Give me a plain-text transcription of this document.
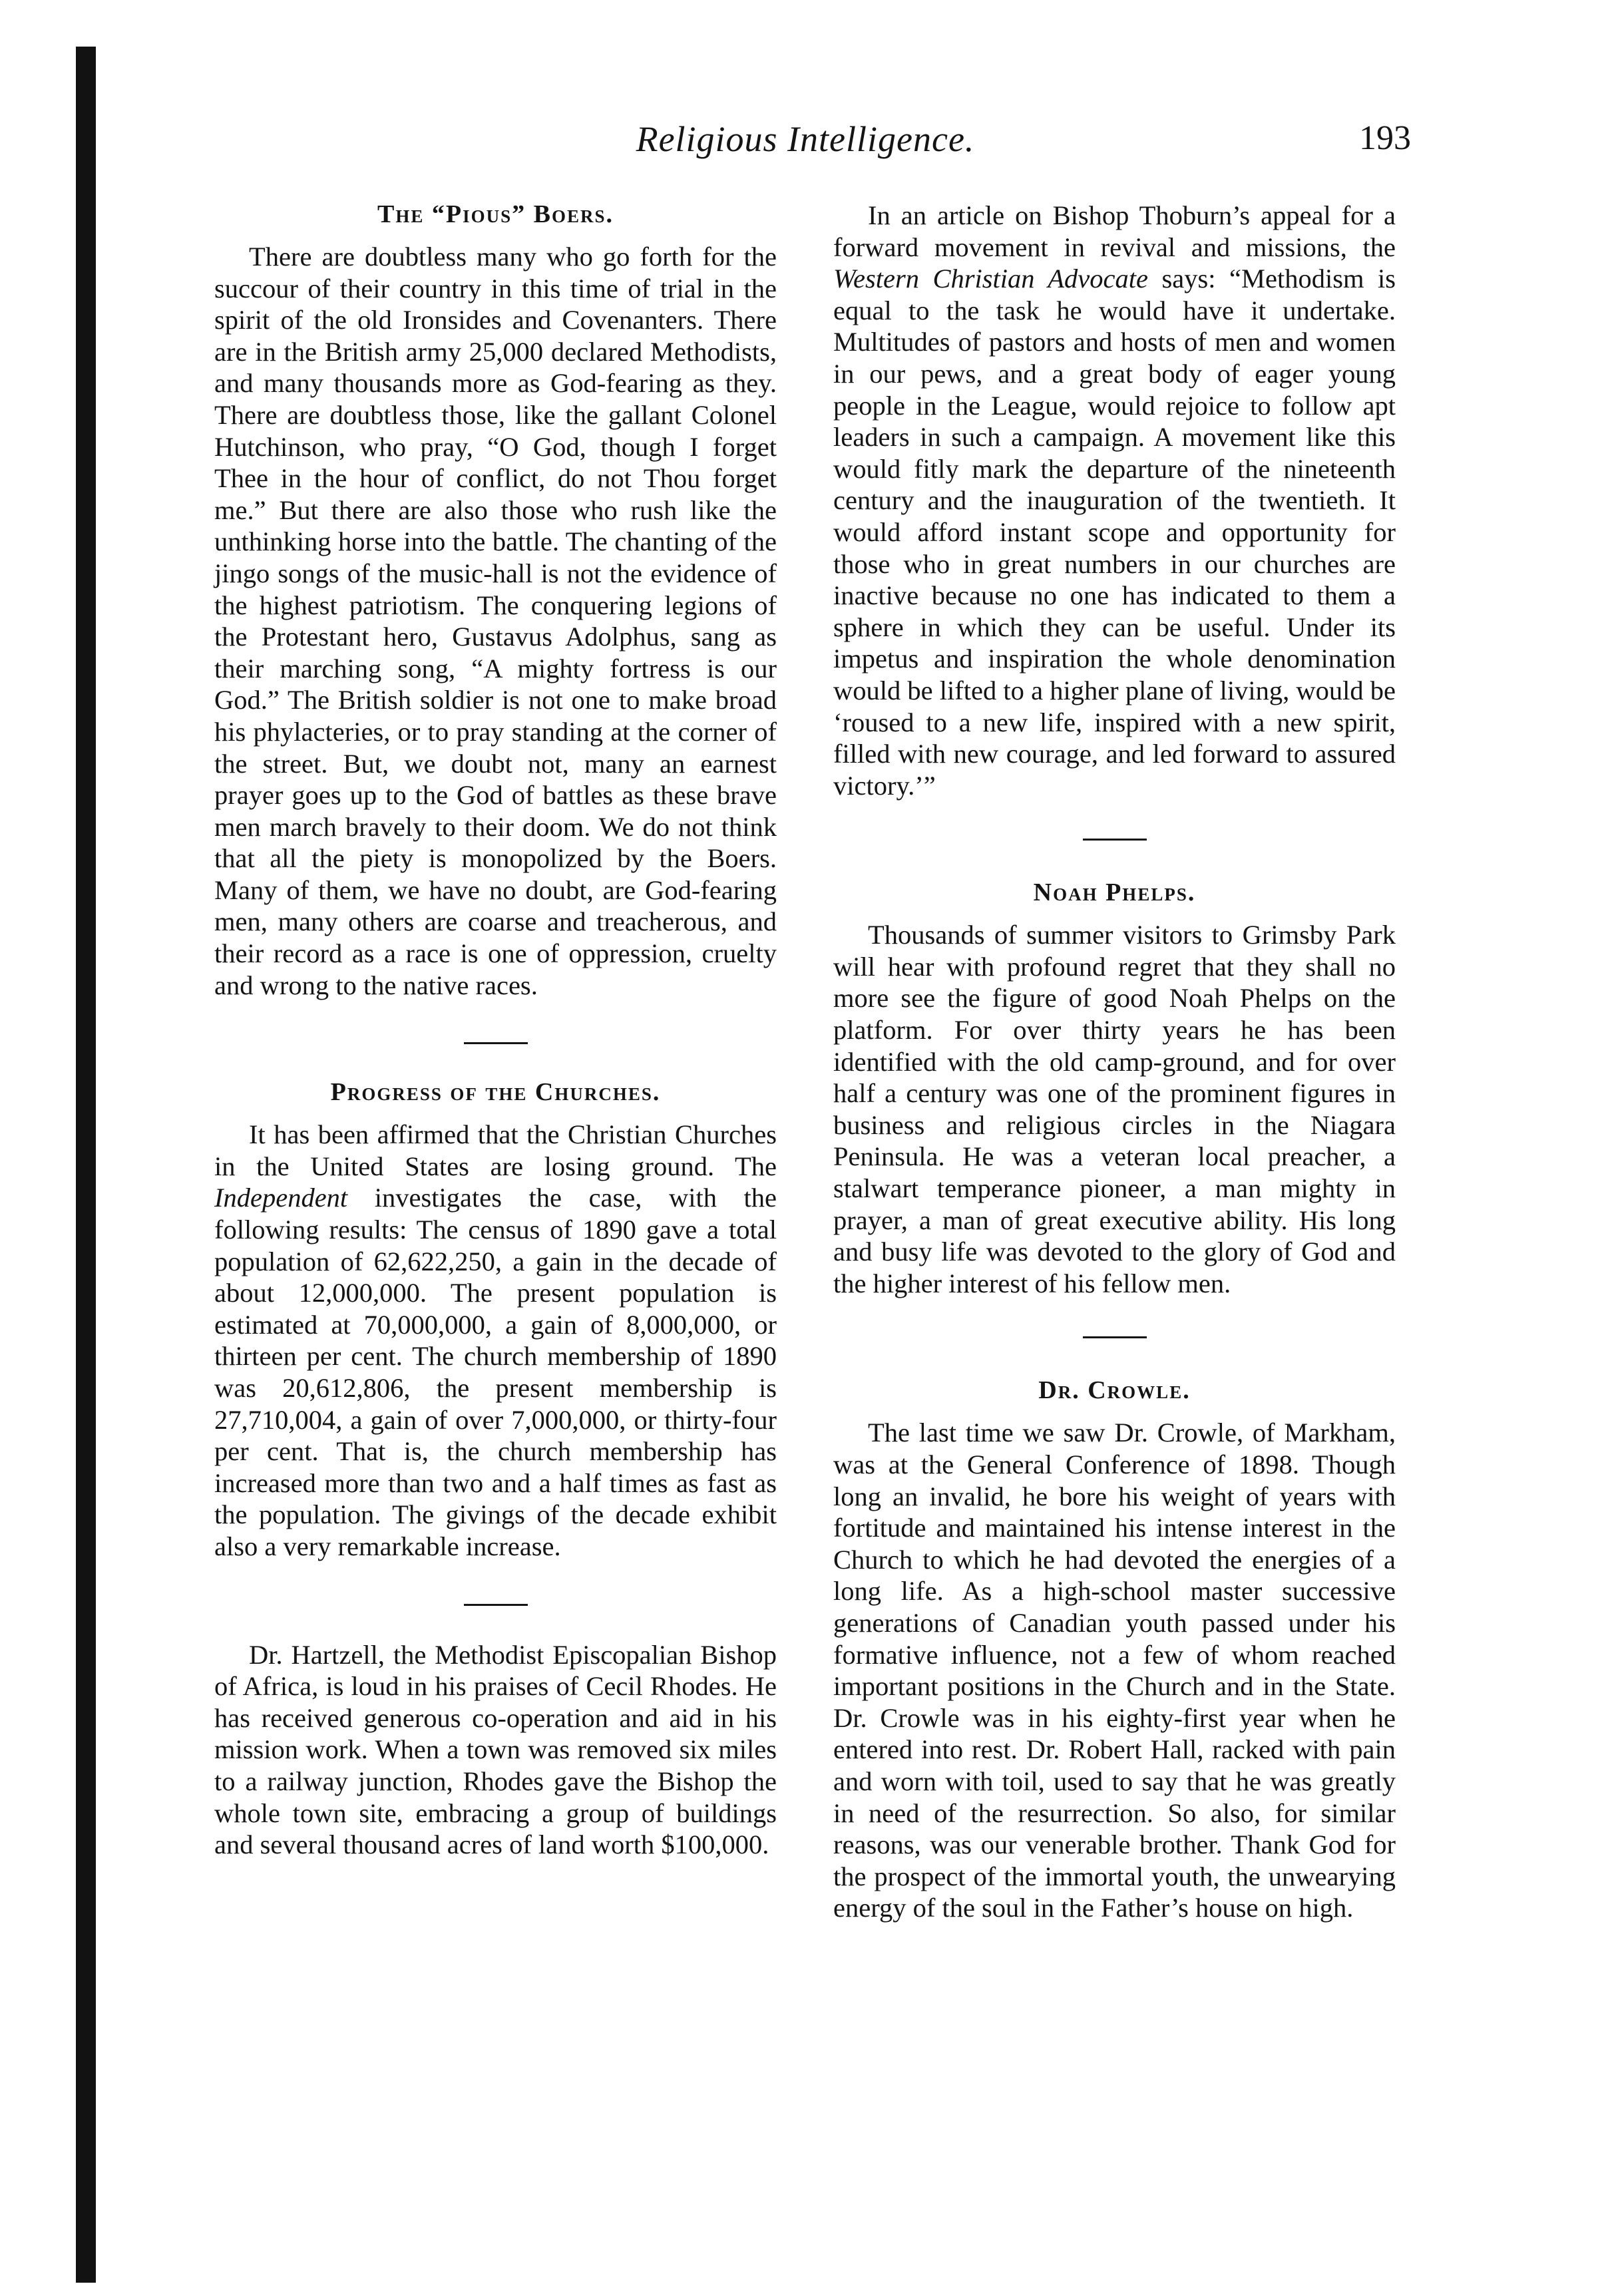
Religious Intelligence.	193
The “Pious” Boers.

There are doubtless many who go forth for the succour of their country in this time of trial in the spirit of the old Ironsides and Covenanters. There are in the British army 25,000 declared Methodists, and many thousands more as God-fearing as they. There are doubtless those, like the gallant Colonel Hutchinson, who pray, “O God, though I forget Thee in the hour of conflict, do not Thou forget me.” But there are also those who rush like the unthinking horse into the battle. The chanting of the jingo songs of the music-hall is not the evidence of the highest patriotism. The conquering legions of the Protestant hero, Gustavus Adolphus, sang as their marching song, “A mighty fortress is our God.” The British soldier is not one to make broad his phylacteries, or to pray standing at the corner of the street. But, we doubt not, many an earnest prayer goes up to the God of battles as these brave men march bravely to their doom. We do not think that all the piety is monopolized by the Boers. Many of them, we have no doubt, are God-fearing men, many others are coarse and treacherous, and their record as a race is one of oppression, cruelty and wrong to the native races.

Progress of the Churches.

It has been affirmed that the Christian Churches in the United States are losing ground. The Independent investigates the case, with the following results: The census of 1890 gave a total population of 62,622,250, a gain in the decade of about 12,000,000. The present population is estimated at 70,000,000, a gain of 8,000,000, or thirteen per cent. The church membership of 1890 was 20,612,806, the present membership is 27,710,004, a gain of over 7,000,000, or thirty-four per cent. That is, the church membership has increased more than two and a half times as fast as the population. The givings of the decade exhibit also a very remarkable increase.

Dr. Hartzell, the Methodist Episcopalian Bishop of Africa, is loud in his praises of Cecil Rhodes. He has received generous co-operation and aid in his mission work. When a town was removed six miles to a railway junction, Rhodes gave the Bishop the whole town site, embracing a group of buildings and several thousand acres of land worth $100,000.

In an article on Bishop Thoburn’s appeal for a forward movement in revival and missions, the Western Christian Advocate says: “Methodism is equal to the task he would have it undertake. Multitudes of pastors and hosts of men and women in our pews, and a great body of eager young people in the League, would rejoice to follow apt leaders in such a campaign. A movement like this would fitly mark the departure of the nineteenth century and the inauguration of the twentieth. It would afford instant scope and opportunity for those who in great numbers in our churches are inactive because no one has indicated to them a sphere in which they can be useful. Under its impetus and inspiration the whole denomination would be lifted to a higher plane of living, would be ‘roused to a new life, inspired with a new spirit, filled with new courage, and led forward to assured victory.’”

Noah Phelps.

Thousands of summer visitors to Grimsby Park will hear with profound regret that they shall no more see the figure of good Noah Phelps on the platform. For over thirty years he has been identified with the old camp-ground, and for over half a century was one of the prominent figures in business and religious circles in the Niagara Peninsula. He was a veteran local preacher, a stalwart temperance pioneer, a man mighty in prayer, a man of great executive ability. His long and busy life was devoted to the glory of God and the higher interest of his fellow men.

Dr. Crowle.

The last time we saw Dr. Crowle, of Markham, was at the General Conference of 1898. Though long an invalid, he bore his weight of years with fortitude and maintained his intense interest in the Church to which he had devoted the energies of a long life. As a high-school master successive generations of Canadian youth passed under his formative influence, not a few of whom reached important positions in the Church and in the State. Dr. Crowle was in his eighty-first year when he entered into rest. Dr. Robert Hall, racked with pain and worn with toil, used to say that he was greatly in need of the resurrection. So also, for similar reasons, was our venerable brother. Thank God for the prospect of the immortal youth, the unwearying energy of the soul in the Father’s house on high.
